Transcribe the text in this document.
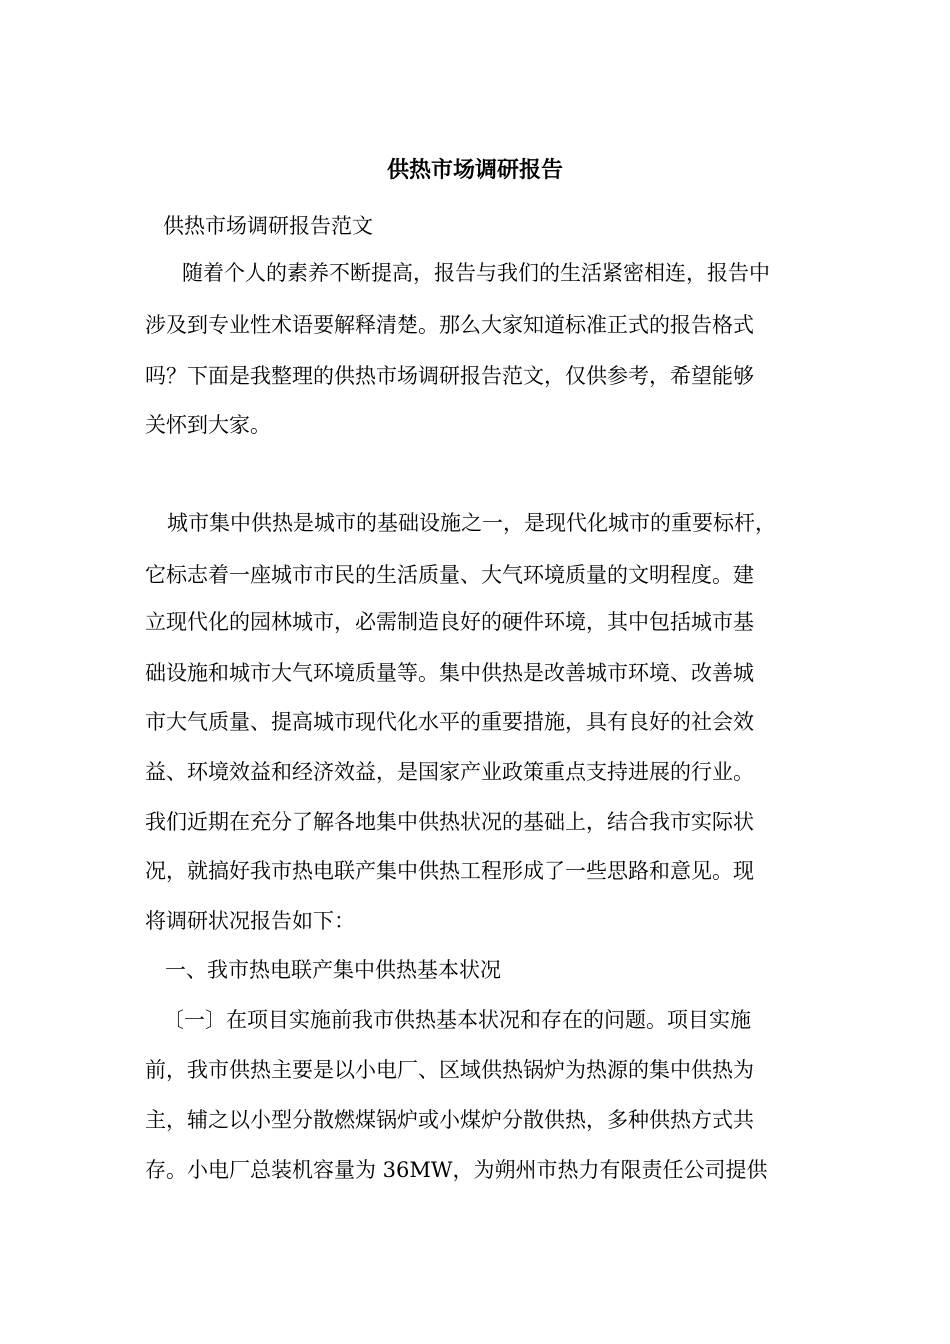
供热市场调研报告
供热市场调研报告范文
随着个人的素养不断提高，报告与我们的生活紧密相连，报告中
涉及到专业性术语要解释清楚。那么大家知道标准正式的报告格式
吗？下面是我整理的供热市场调研报告范文，仅供参考，希望能够
关怀到大家。
城市集中供热是城市的基础设施之一，是现代化城市的重要标杆，
它标志着一座城市市民的生活质量、大气环境质量的文明程度。建
立现代化的园林城市，必需制造良好的硬件环境，其中包括城市基
础设施和城市大气环境质量等。集中供热是改善城市环境、改善城
市大气质量、提高城市现代化水平的重要措施，具有良好的社会效
益、环境效益和经济效益，是国家产业政策重点支持进展的行业。
我们近期在充分了解各地集中供热状况的基础上，结合我市实际状
况，就搞好我市热电联产集中供热工程形成了一些思路和意见。现
将调研状况报告如下：
一、我市热电联产集中供热基本状况
〔一〕在项目实施前我市供热基本状况和存在的问题。项目实施
前，我市供热主要是以小电厂、区域供热锅炉为热源的集中供热为
主，辅之以小型分散燃煤锅炉或小煤炉分散供热，多种供热方式共
存。小电厂总装机容量为 36MW，为朔州市热力有限责任公司提供
